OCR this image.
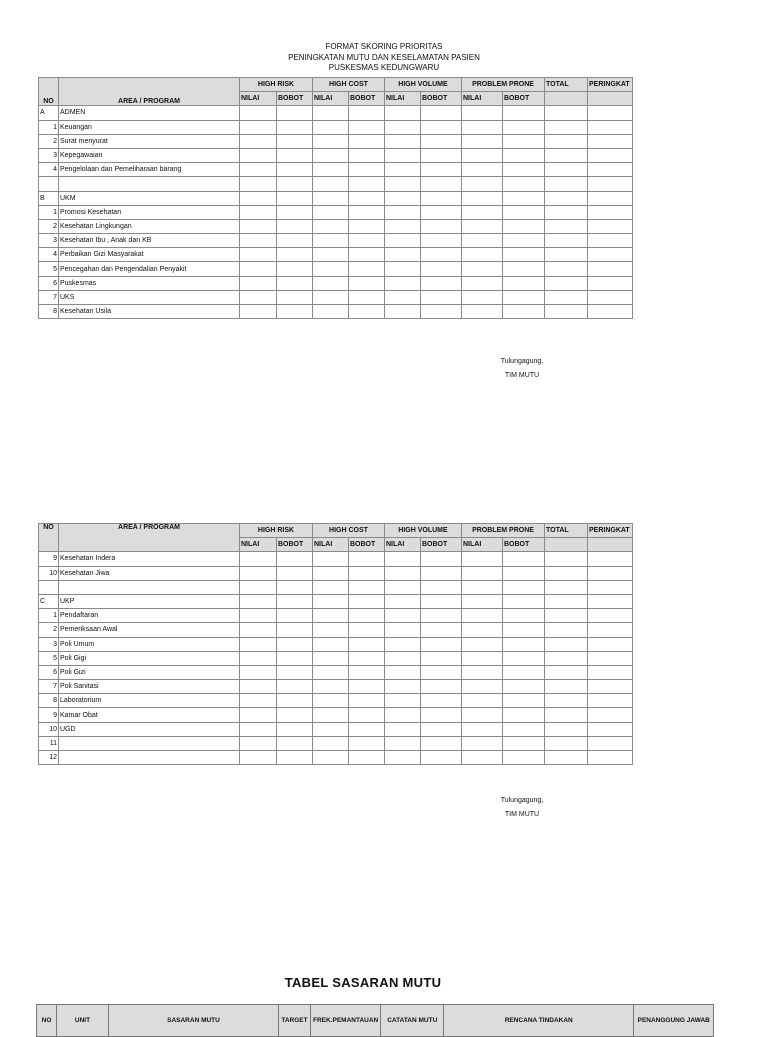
FORMAT SKORING PRIORITAS
PENINGKATAN MUTU DAN KESELAMATAN PASIEN
PUSKESMAS KEDUNGWARU
NO	AREA / PROGRAM	HIGH RISK		HIGH COST		HIGH VOLUME		PROBLEM PRONE		TOTAL	PERINGKAT
		NILAI	BOBOT	NILAI	BOBOT	NILAI	BOBOT	NILAI	BOBOT		
A	ADMEN										
1	Keuangan										
2	Surat menyurat										
3	Kepegawaian										
4	Pengelolaan dan Pemeliharaan barang										

B	UKM										
1	Promosi Kesehatan										
2	Kesehatan Lingkungan										
3	Kesehatan Ibu , Anak dan KB										
4	Perbaikan Gizi Masyarakat										
5	Pencegahan dan Pengendalian Penyakit										
6	Puskesmas										
7	UKS										
8	Kesehatan Usila										
Tulungagung,
TIM MUTU
NO	AREA / PROGRAM	HIGH RISK		HIGH COST		HIGH VOLUME		PROBLEM PRONE		TOTAL	PERINGKAT
		NILAI	BOBOT	NILAI	BOBOT	NILAI	BOBOT	NILAI	BOBOT		
9	Kesehatan Indera										
10	Kesehatan Jiwa										

C	UKP										
1	Pendaftaran										
2	Pemeriksaan Awal										
3	Poli Umum										
5	Poli Gigi										
6	Poli Gizi										
7	Poli Sanitasi										
8	Laboratorium										
9	Kamar Obat										
10	UGD										
11											
12											
Tulungagung,
TIM MUTU
TABEL SASARAN MUTU
NO	UNIT	SASARAN MUTU	TARGET	FREK.PEMANTAUAN	CATATAN MUTU	RENCANA TINDAKAN	PENANGGUNG JAWAB
